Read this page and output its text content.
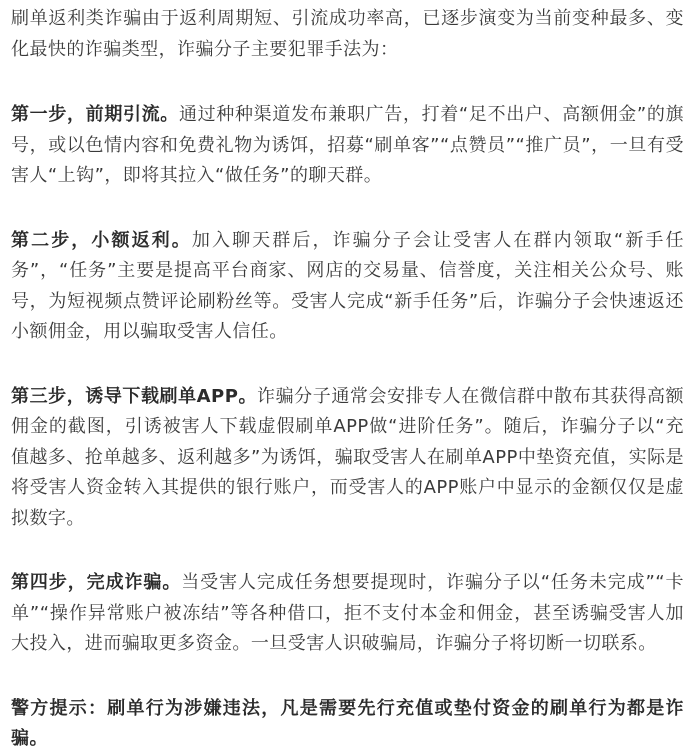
刷单返利类诈骗由于返利周期短、引流成功率高，已逐步演变为当前变种最多、变化最快的诈骗类型，诈骗分子主要犯罪手法为：

第一步，前期引流。通过种种渠道发布兼职广告，打着“足不出户、高额佣金”的旗号，或以色情内容和免费礼物为诱饵，招募“刷单客”“点赞员”“推广员”，一旦有受害人“上钩”，即将其拉入“做任务”的聊天群。

第二步，小额返利。加入聊天群后，诈骗分子会让受害人在群内领取“新手任务”，“任务”主要是提高平台商家、网店的交易量、信誉度，关注相关公众号、账号，为短视频点赞评论刷粉丝等。受害人完成“新手任务”后，诈骗分子会快速返还小额佣金，用以骗取受害人信任。

第三步，诱导下载刷单APP。诈骗分子通常会安排专人在微信群中散布其获得高额佣金的截图，引诱被害人下载虚假刷单APP做“进阶任务”。随后，诈骗分子以“充值越多、抢单越多、返利越多”为诱饵，骗取受害人在刷单APP中垫资充值，实际是将受害人资金转入其提供的银行账户，而受害人的APP账户中显示的金额仅仅是虚拟数字。

第四步，完成诈骗。当受害人完成任务想要提现时，诈骗分子以“任务未完成”“卡单”“操作异常账户被冻结”等各种借口，拒不支付本金和佣金，甚至诱骗受害人加大投入，进而骗取更多资金。一旦受害人识破骗局，诈骗分子将切断一切联系。

警方提示：刷单行为涉嫌违法，凡是需要先行充值或垫付资金的刷单行为都是诈骗。
